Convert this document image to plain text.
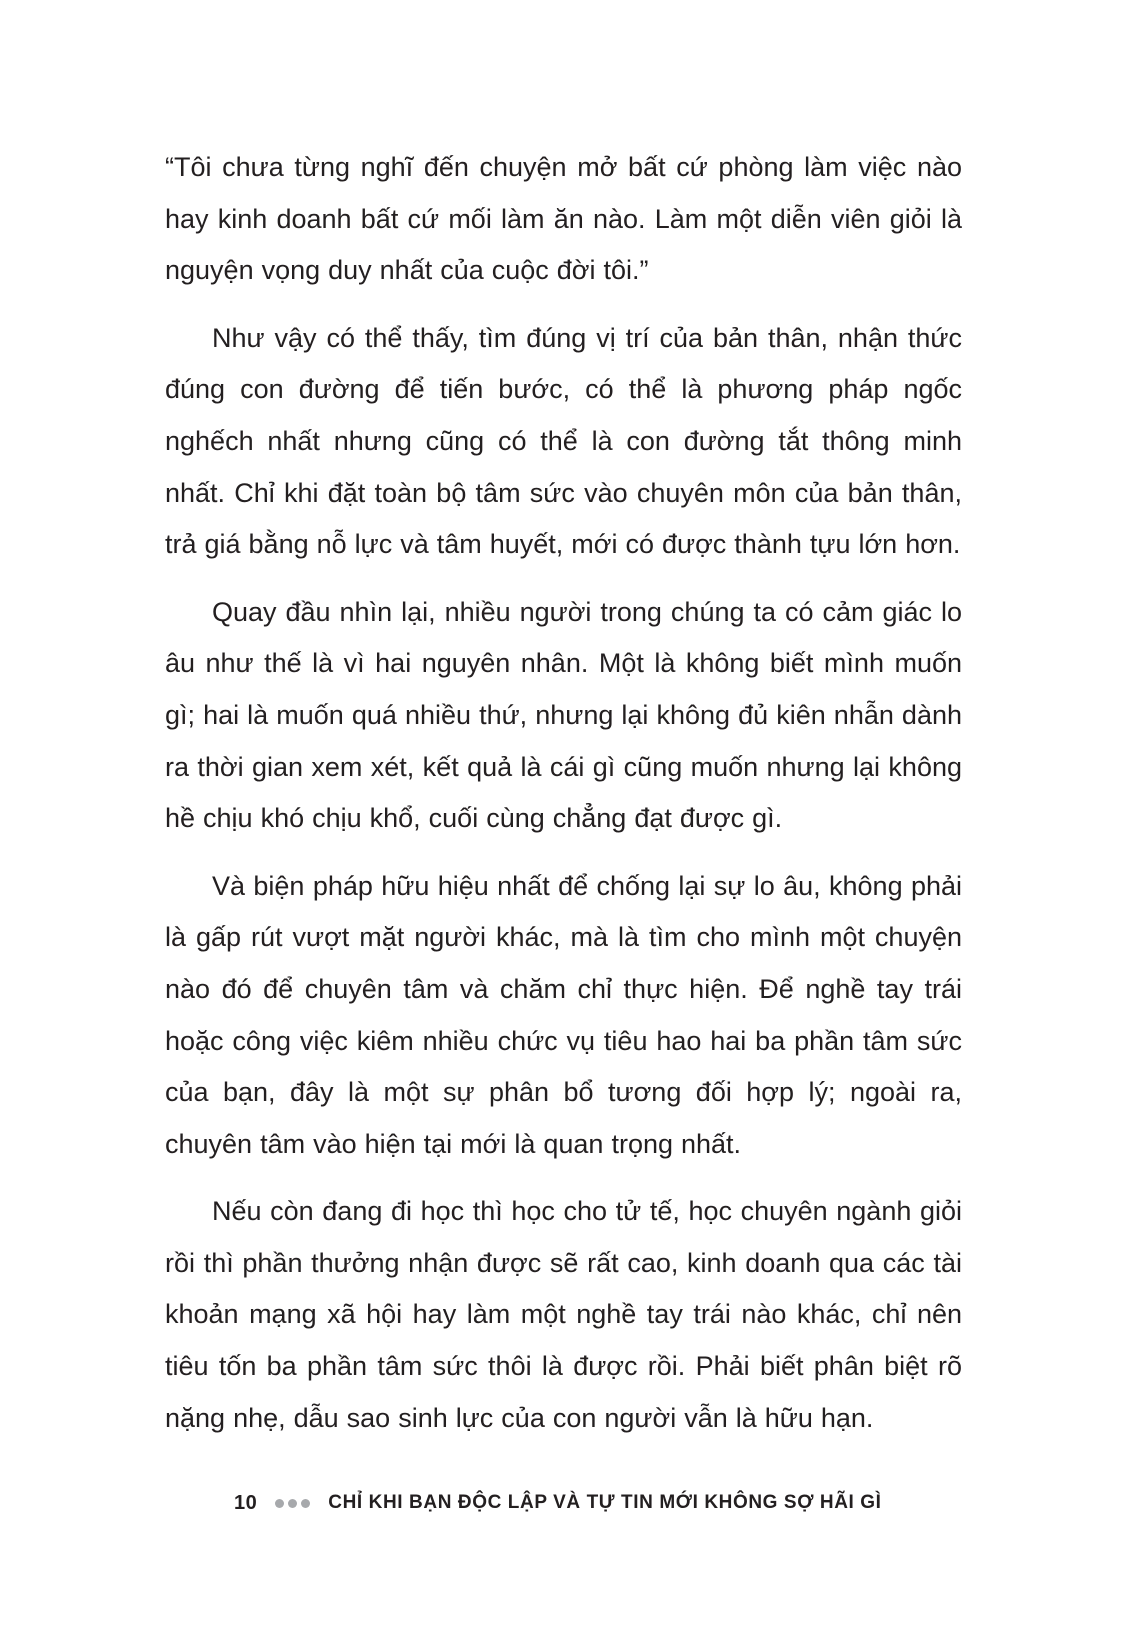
“Tôi chưa từng nghĩ đến chuyện mở bất cứ phòng làm việc nào hay kinh doanh bất cứ mối làm ăn nào. Làm một diễn viên giỏi là nguyện vọng duy nhất của cuộc đời tôi.”

Như vậy có thể thấy, tìm đúng vị trí của bản thân, nhận thức đúng con đường để tiến bước, có thể là phương pháp ngốc nghếch nhất nhưng cũng có thể là con đường tắt thông minh nhất. Chỉ khi đặt toàn bộ tâm sức vào chuyên môn của bản thân, trả giá bằng nỗ lực và tâm huyết, mới có được thành tựu lớn hơn.

Quay đầu nhìn lại, nhiều người trong chúng ta có cảm giác lo âu như thế là vì hai nguyên nhân. Một là không biết mình muốn gì; hai là muốn quá nhiều thứ, nhưng lại không đủ kiên nhẫn dành ra thời gian xem xét, kết quả là cái gì cũng muốn nhưng lại không hề chịu khó chịu khổ, cuối cùng chẳng đạt được gì.

Và biện pháp hữu hiệu nhất để chống lại sự lo âu, không phải là gấp rút vượt mặt người khác, mà là tìm cho mình một chuyện nào đó để chuyên tâm và chăm chỉ thực hiện. Để nghề tay trái hoặc công việc kiêm nhiều chức vụ tiêu hao hai ba phần tâm sức của bạn, đây là một sự phân bổ tương đối hợp lý; ngoài ra, chuyên tâm vào hiện tại mới là quan trọng nhất.

Nếu còn đang đi học thì học cho tử tế, học chuyên ngành giỏi rồi thì phần thưởng nhận được sẽ rất cao, kinh doanh qua các tài khoản mạng xã hội hay làm một nghề tay trái nào khác, chỉ nên tiêu tốn ba phần tâm sức thôi là được rồi. Phải biết phân biệt rõ nặng nhẹ, dẫu sao sinh lực của con người vẫn là hữu hạn.

10	CHỈ KHI BẠN ĐỘC LẬP VÀ TỰ TIN MỚI KHÔNG SỢ HÃI GÌ
